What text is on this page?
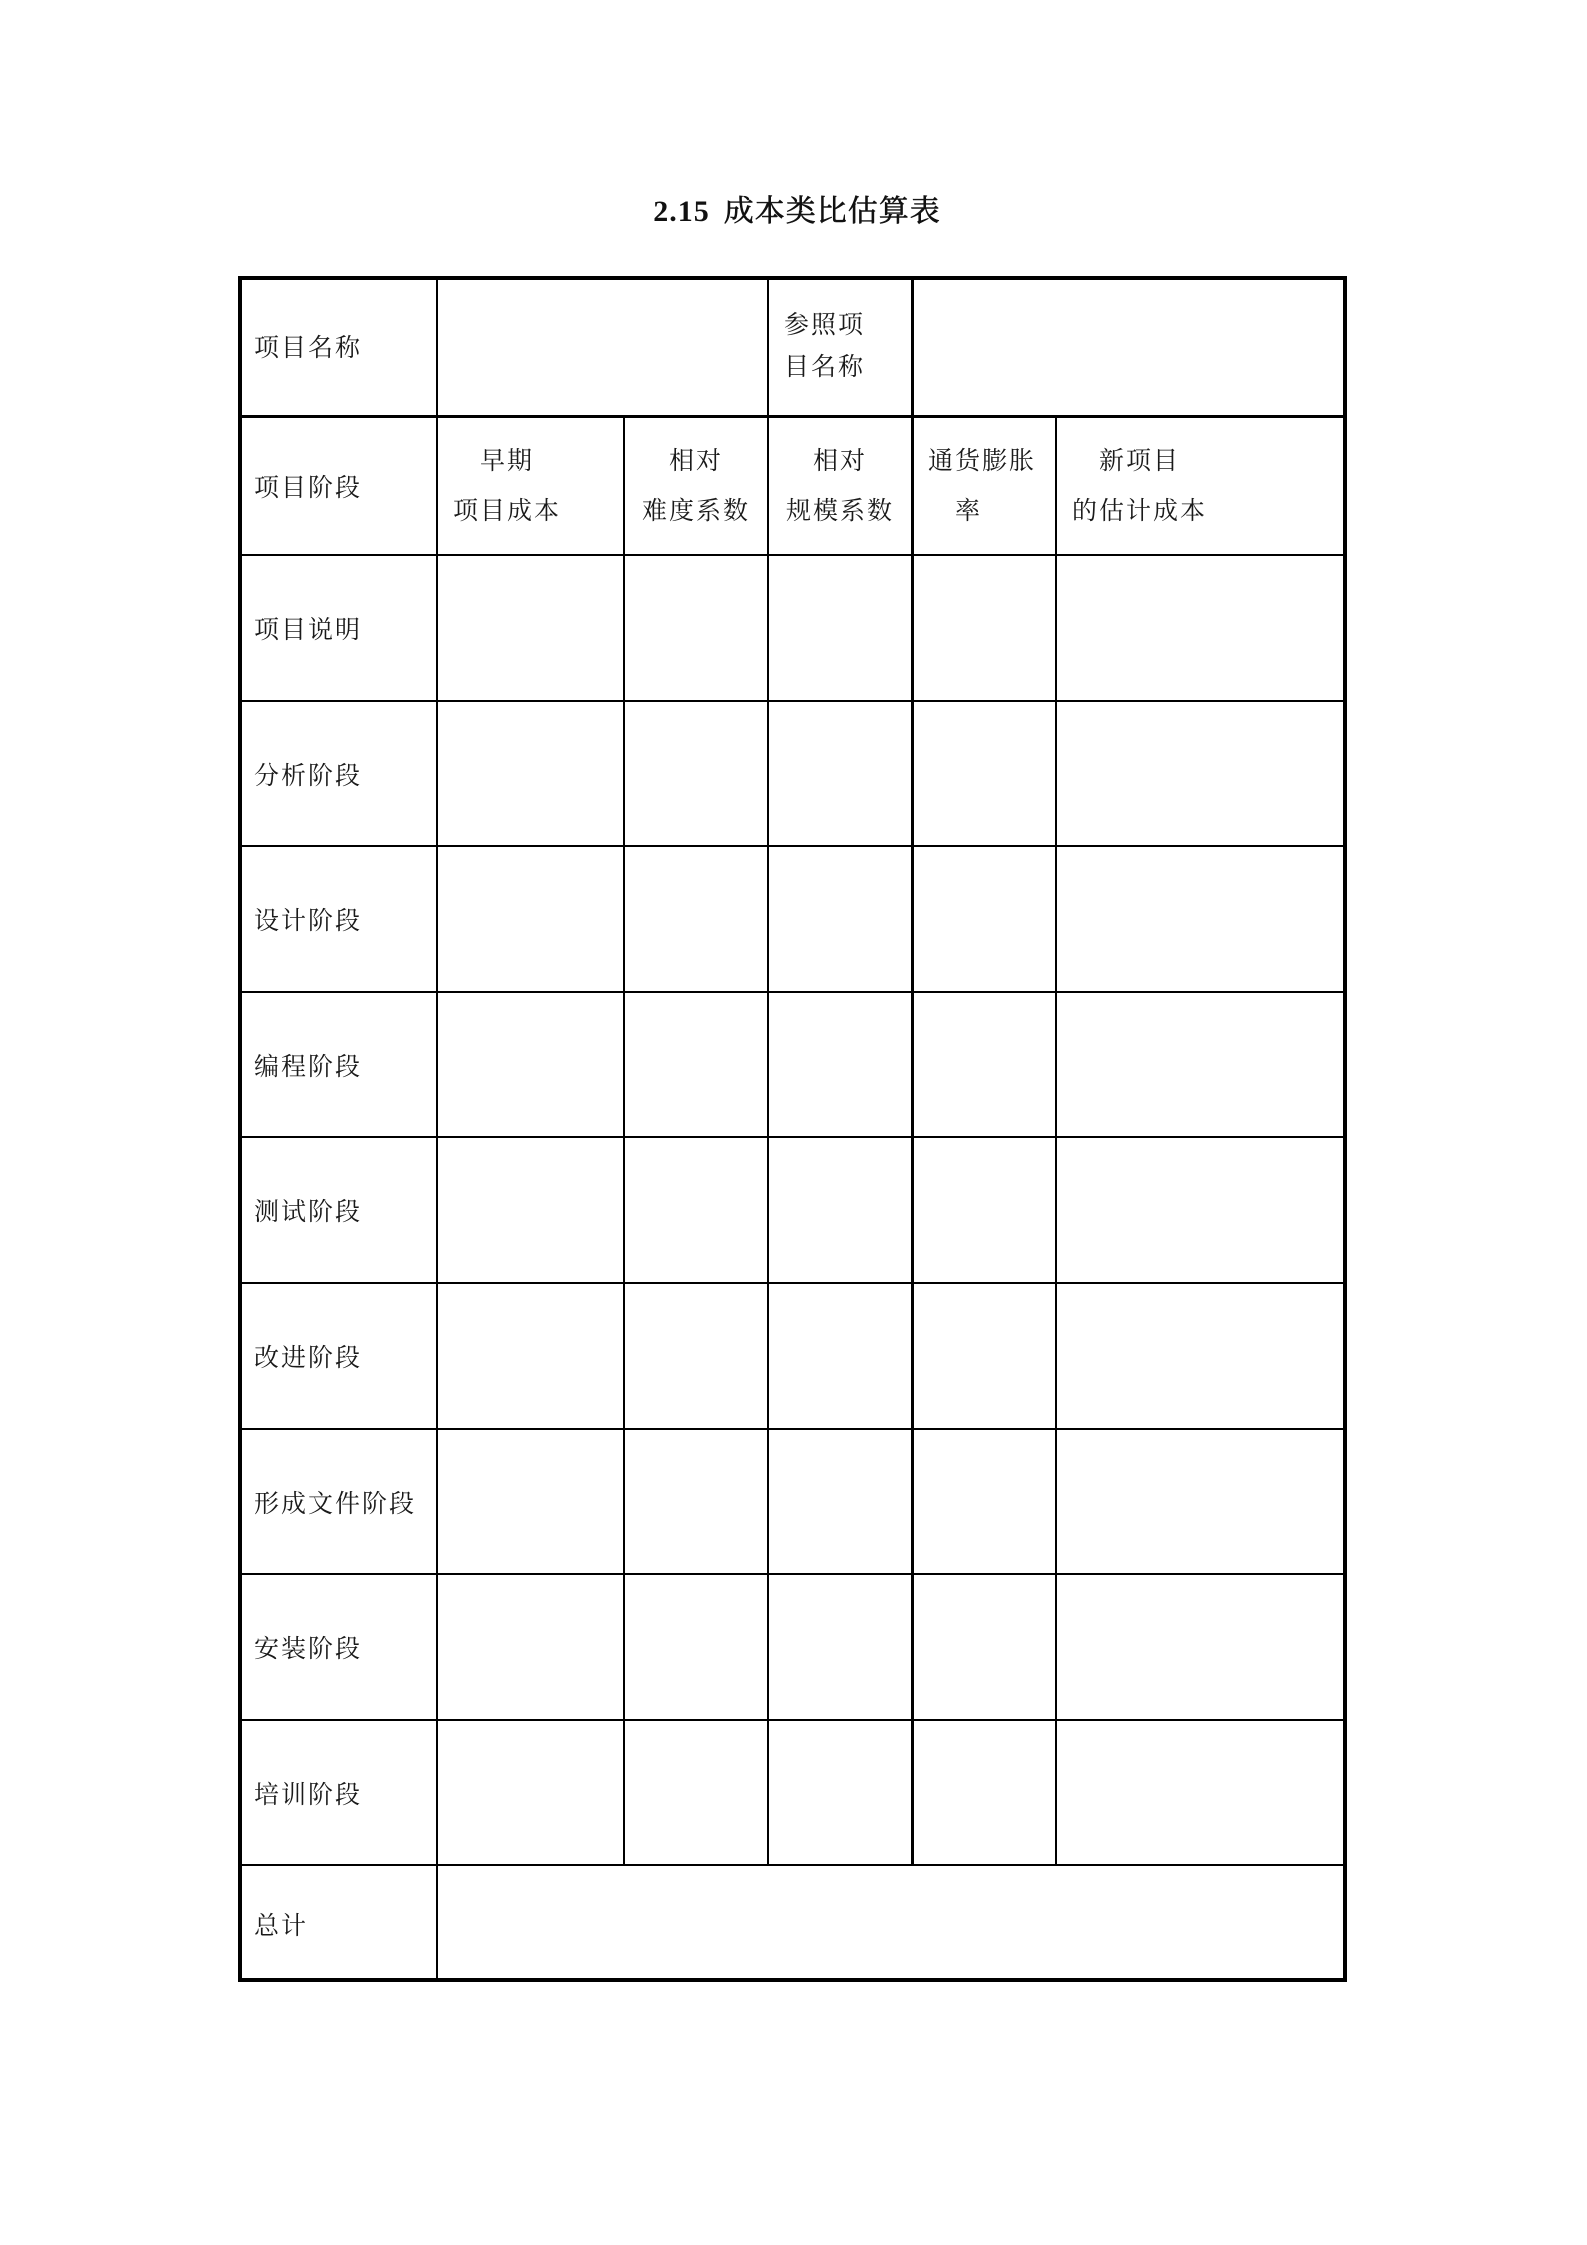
2.15 成本类比估算表
项目名称
参照项
目名称
项目阶段
　早期
项目成本
相对
难度系数
相对
规模系数
通货膨胀
　率
　新项目
的估计成本
项目说明
分析阶段
设计阶段
编程阶段
测试阶段
改进阶段
形成文件阶段
安装阶段
培训阶段
总计
